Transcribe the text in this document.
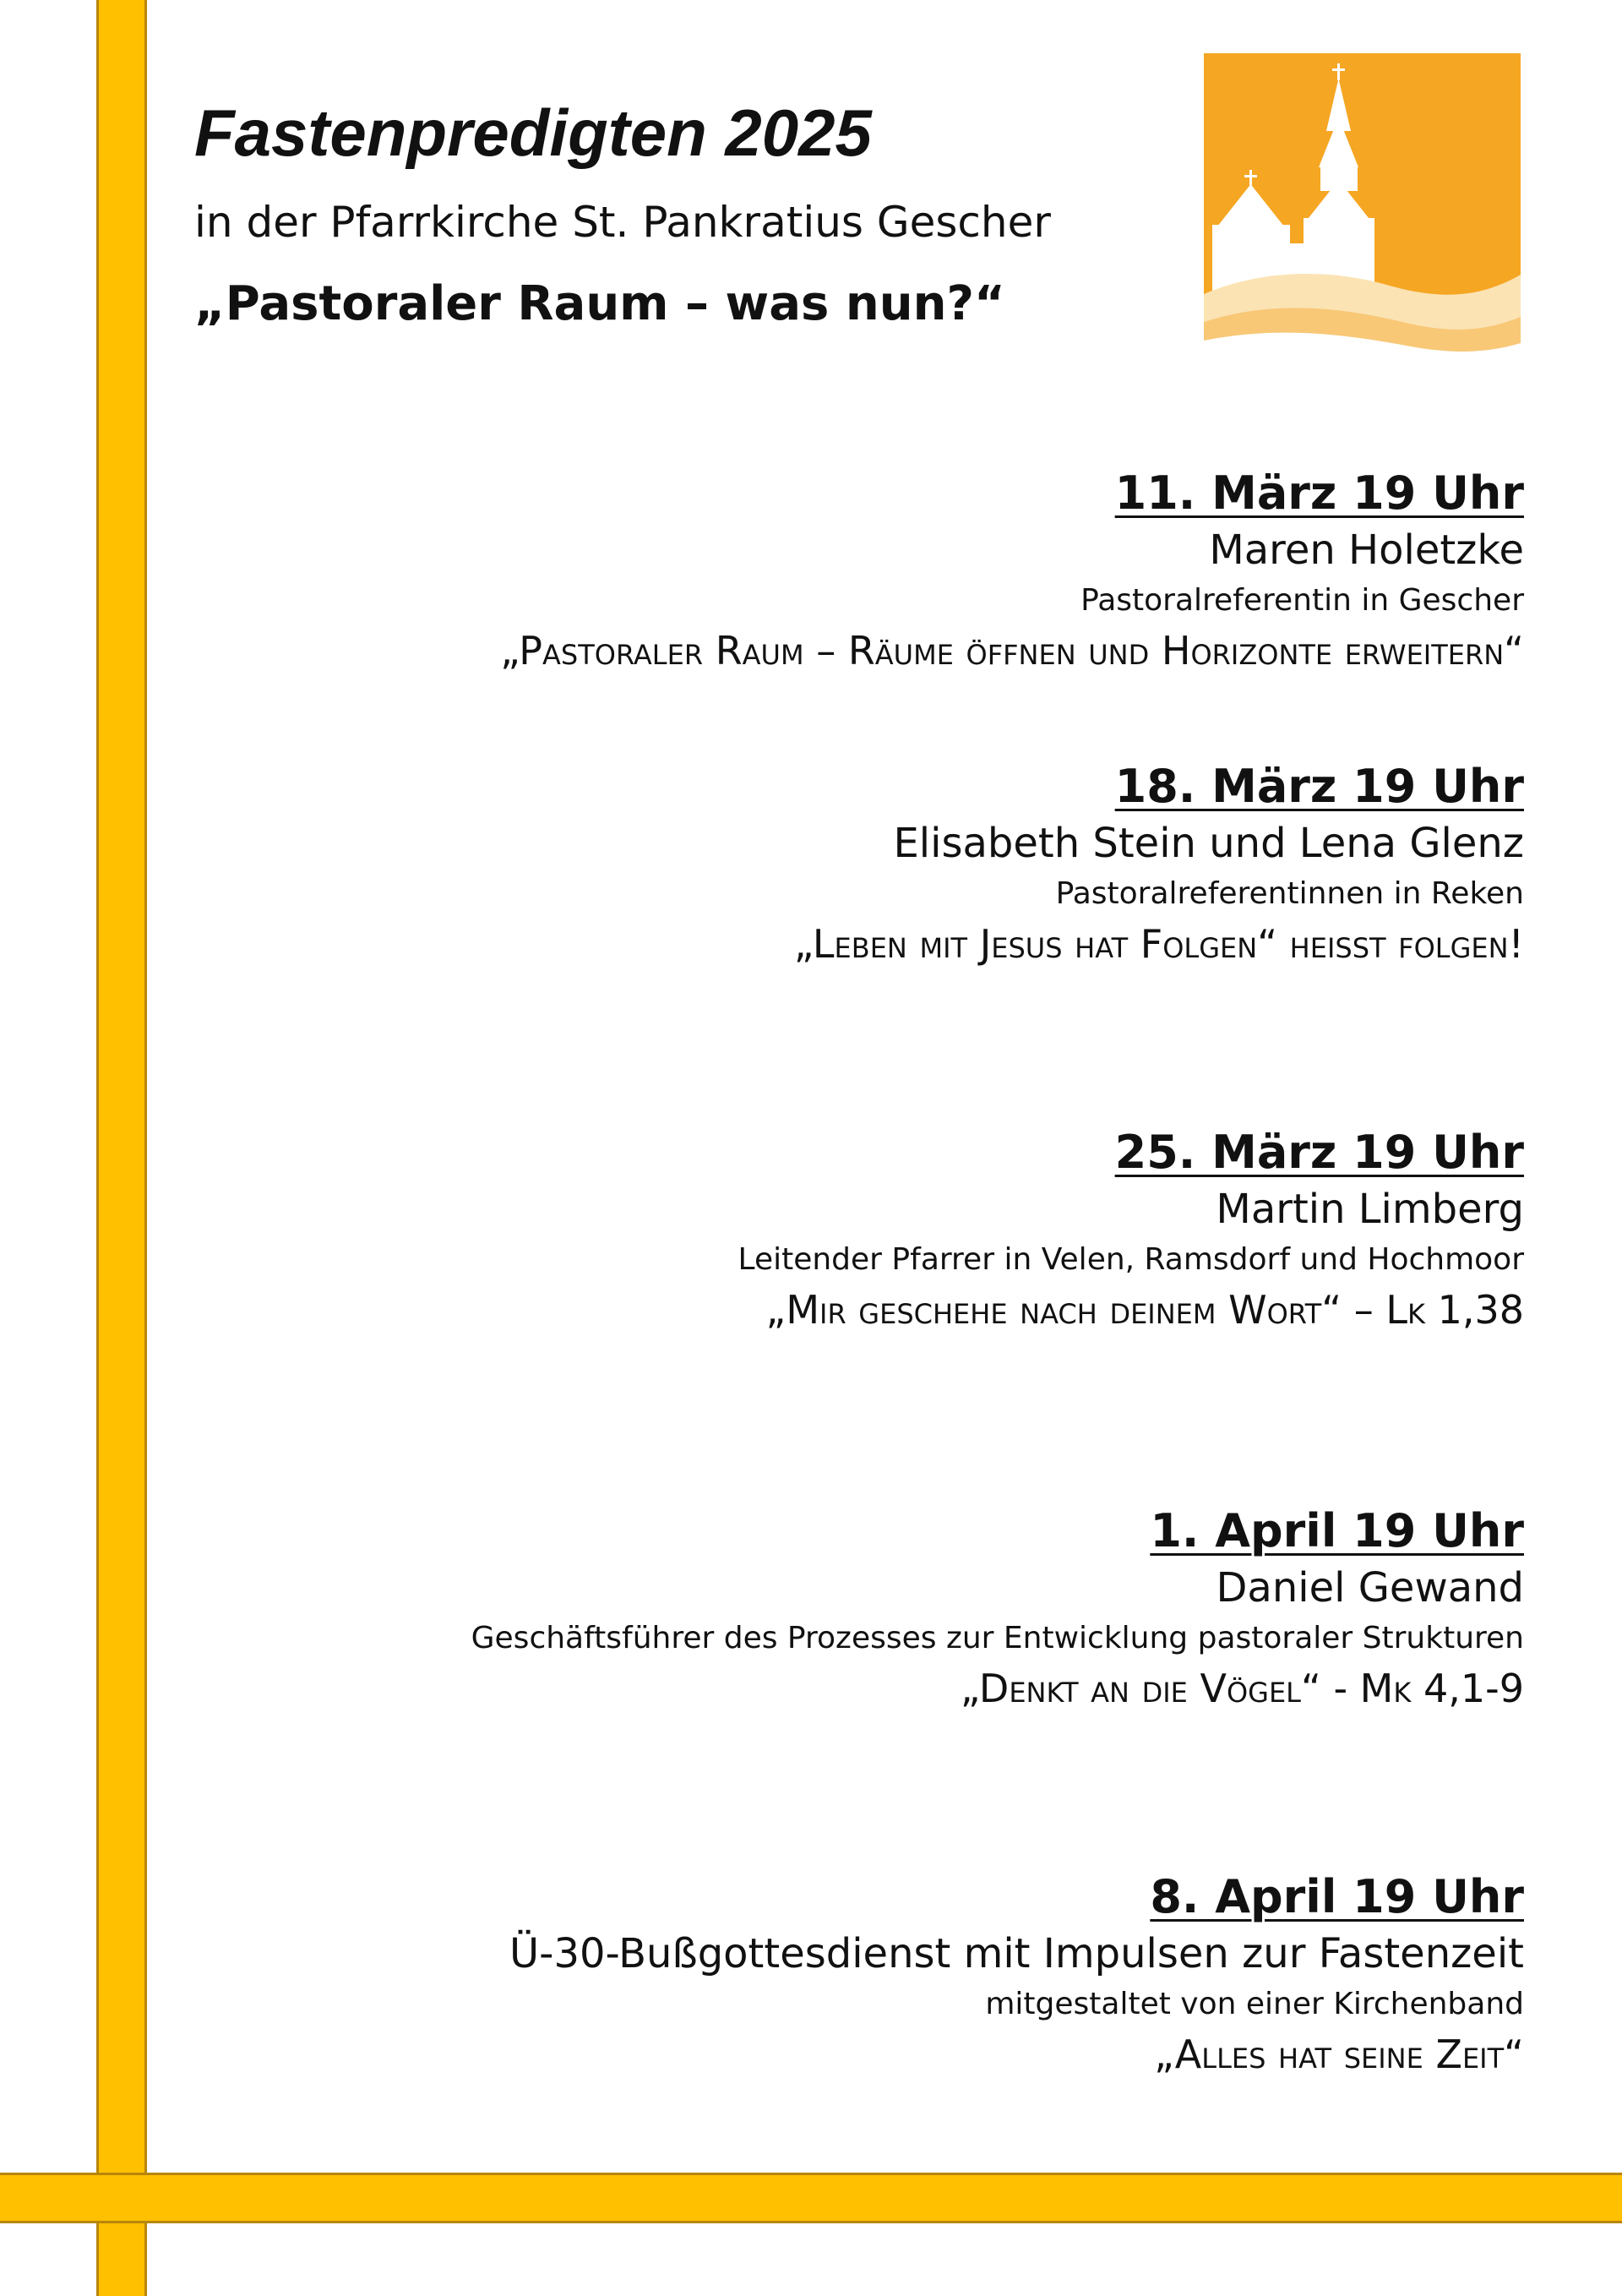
Fastenpredigten 2025

in der Pfarrkirche St. Pankratius Gescher

„Pastoraler Raum – was nun?“

11. März 19 Uhr
Maren Holetzke
Pastoralreferentin in Gescher
„Pastoraler Raum – Räume öffnen und Horizonte erweitern“
18. März 19 Uhr
Elisabeth Stein und Lena Glenz
Pastoralreferentinnen in Reken
„Leben mit Jesus hat Folgen“ heißt folgen!
25. März 19 Uhr
Martin Limberg
Leitender Pfarrer in Velen, Ramsdorf und Hochmoor
„Mir geschehe nach deinem Wort“ – Lk 1,38
1. April 19 Uhr
Daniel Gewand
Geschäftsführer des Prozesses zur Entwicklung pastoraler Strukturen
„Denkt an die Vögel“ - Mk 4,1-9
8. April 19 Uhr
Ü-30-Bußgottesdienst mit Impulsen zur Fastenzeit
mitgestaltet von einer Kirchenband
„Alles hat seine Zeit“
